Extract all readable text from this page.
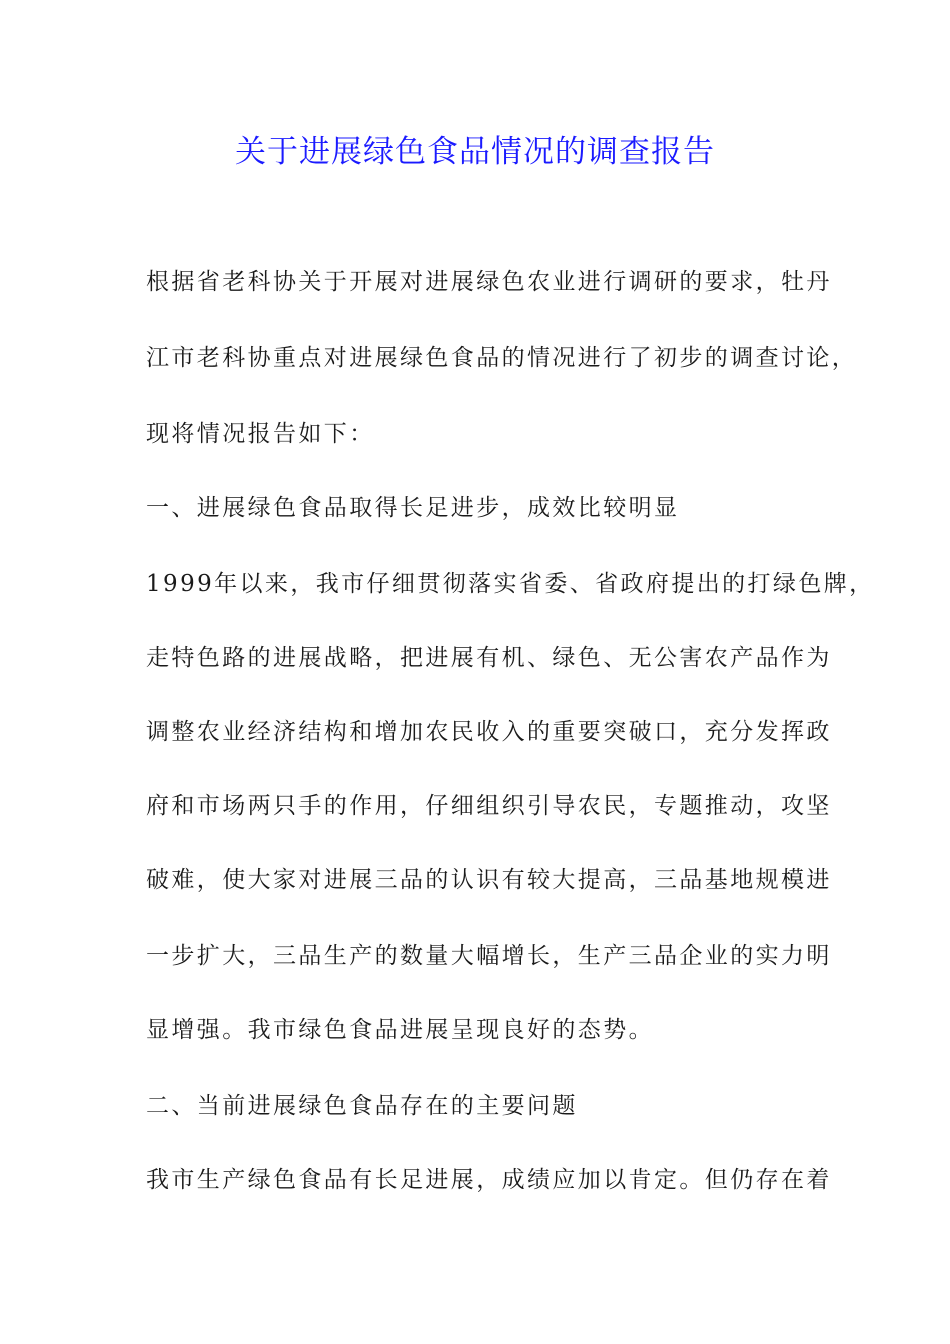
关于进展绿色食品情况的调查报告
根据省老科协关于开展对进展绿色农业进行调研的要求，牡丹
江市老科协重点对进展绿色食品的情况进行了初步的调查讨论，
现将情况报告如下：
一、进展绿色食品取得长足进步，成效比较明显
1999年以来，我市仔细贯彻落实省委、省政府提出的打绿色牌，
走特色路的进展战略，把进展有机、绿色、无公害农产品作为
调整农业经济结构和增加农民收入的重要突破口，充分发挥政
府和市场两只手的作用，仔细组织引导农民，专题推动，攻坚
破难，使大家对进展三品的认识有较大提高，三品基地规模进
一步扩大，三品生产的数量大幅增长，生产三品企业的实力明
显增强。我市绿色食品进展呈现良好的态势。
二、当前进展绿色食品存在的主要问题
我市生产绿色食品有长足进展，成绩应加以肯定。但仍存在着
